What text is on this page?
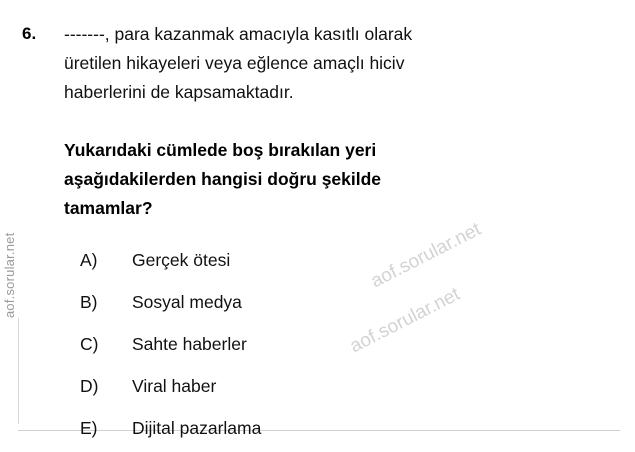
aof.sorular.net
6. -------, para kazanmak amacıyla kasıtlı olarak
üretilen hikayeleri veya eğlence amaçlı hiciv
haberlerini de kapsamaktadır.
Yukarıdaki cümlede boş bırakılan yeri
aşağıdakilerden hangisi doğru şekilde
tamamlar?
A)	Gerçek ötesi
B)	Sosyal medya
C)	Sahte haberler
D)	Viral haber
E)	Dijital pazarlama
aof.sorular.net
aof.sorular.net
